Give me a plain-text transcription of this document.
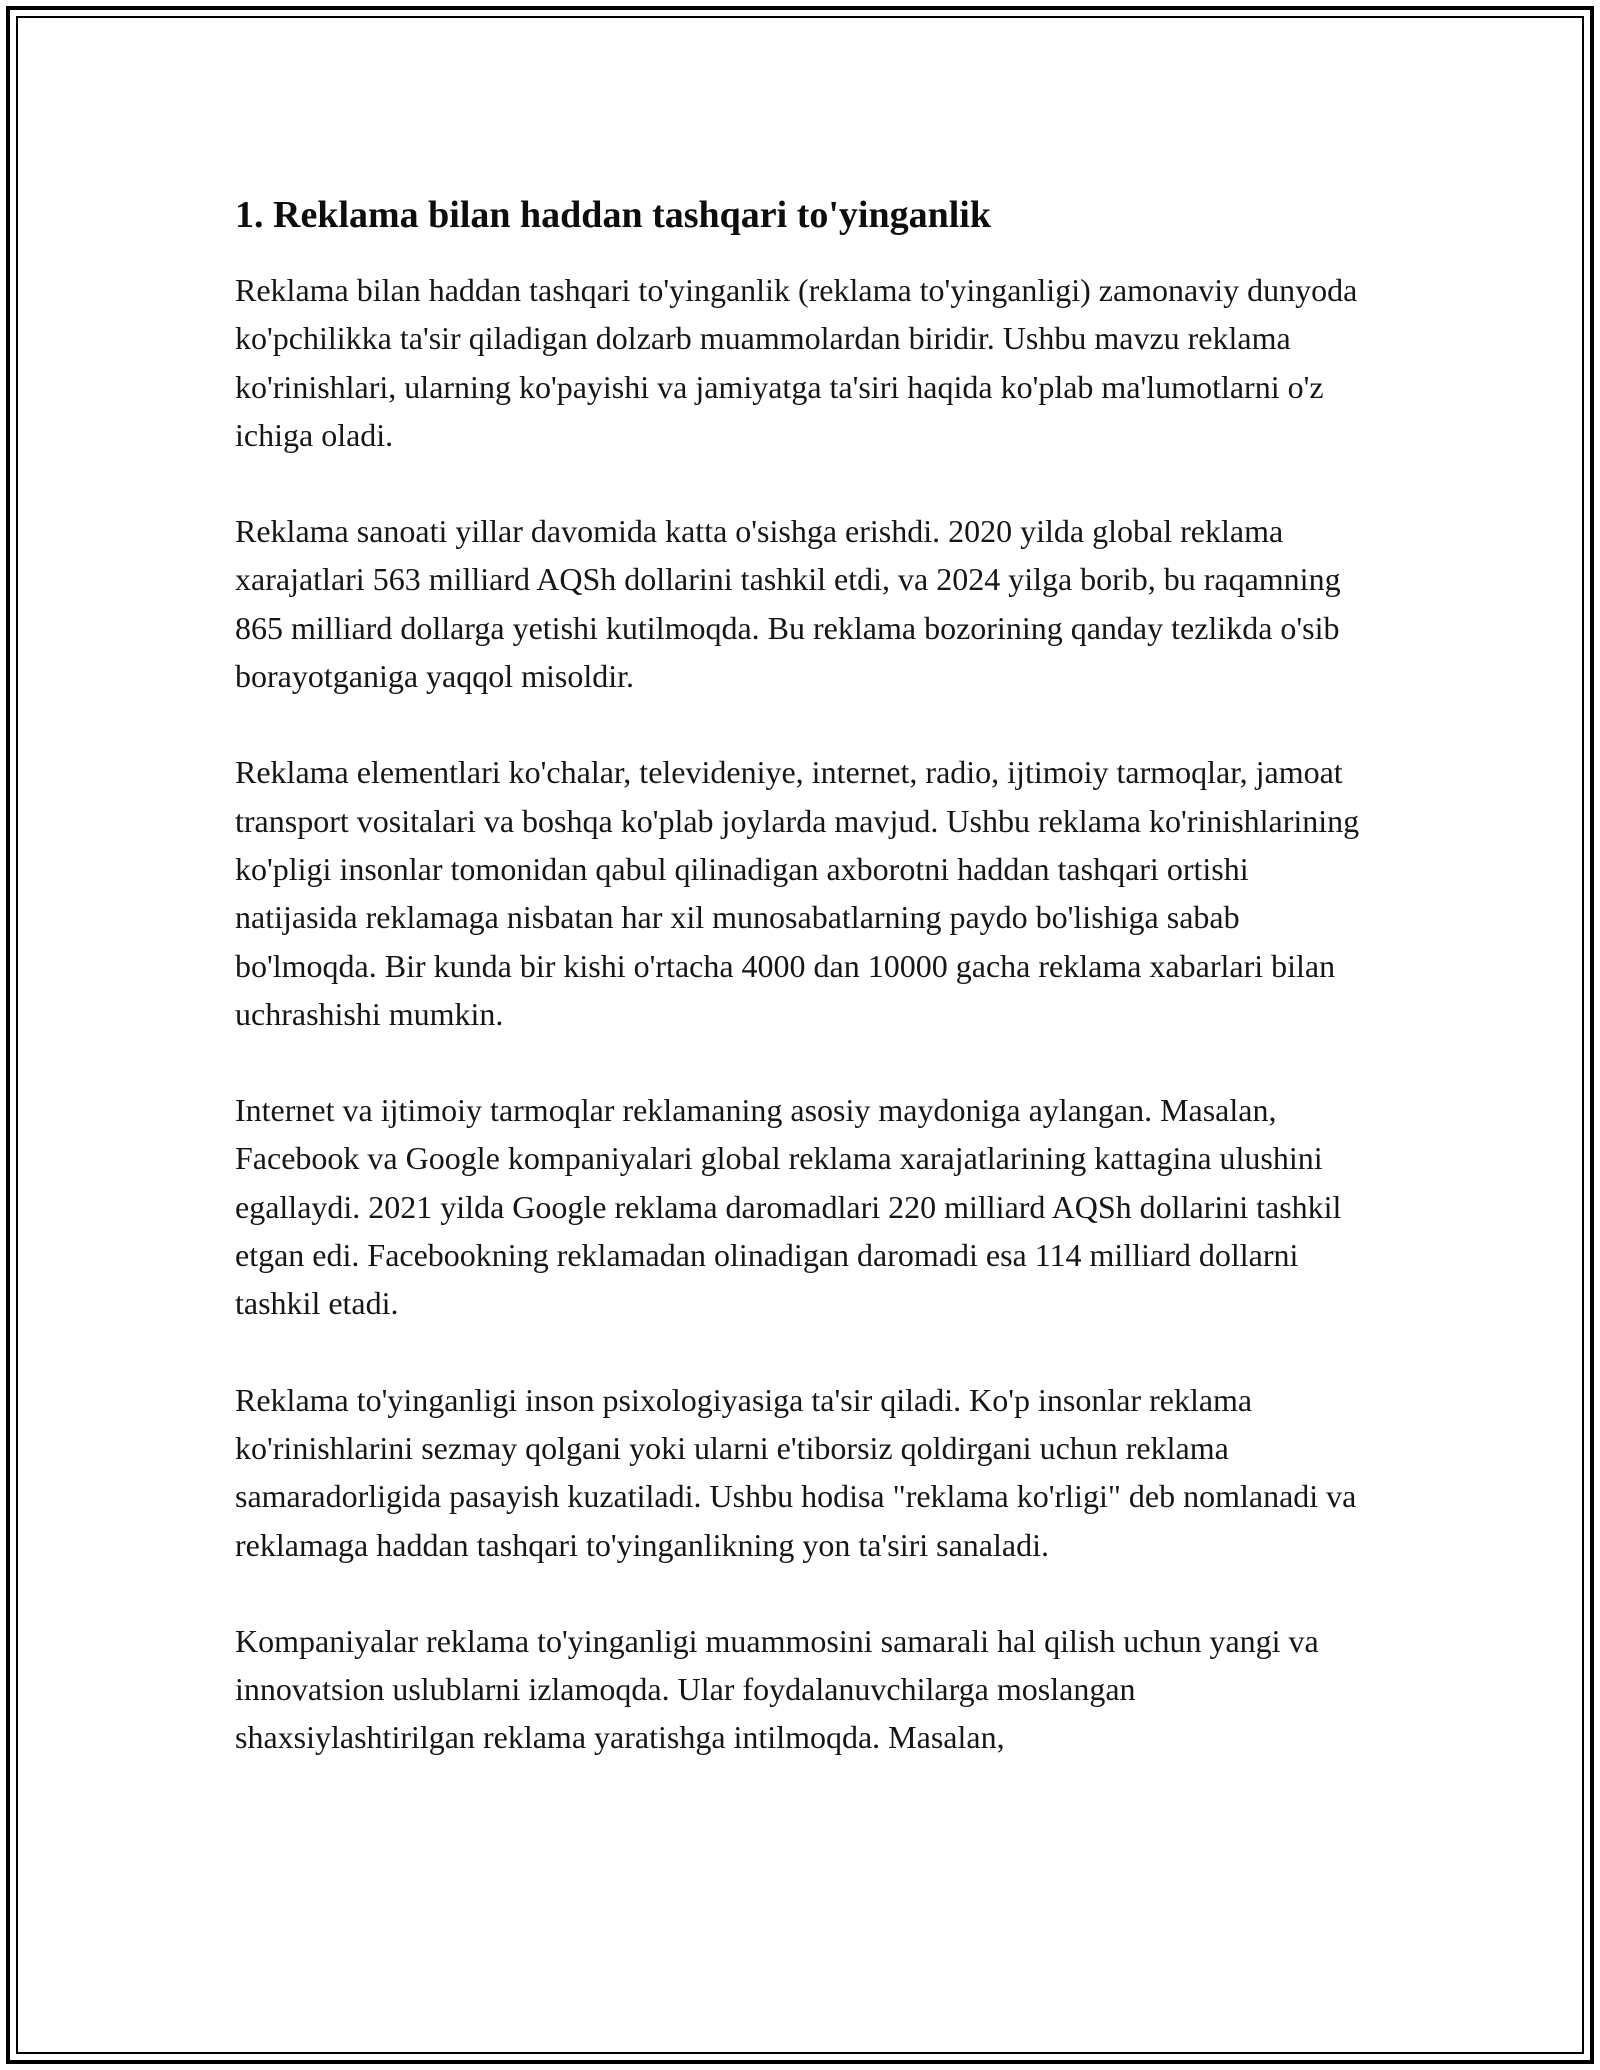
1. Reklama bilan haddan tashqari to'yinganlik

Reklama bilan haddan tashqari to'yinganlik (reklama to'yinganligi) zamonaviy dunyoda ko'pchilikka ta'sir qiladigan dolzarb muammolardan biridir. Ushbu mavzu reklama ko'rinishlari, ularning ko'payishi va jamiyatga ta'siri haqida ko'plab ma'lumotlarni o'z ichiga oladi.

Reklama sanoati yillar davomida katta o'sishga erishdi. 2020 yilda global reklama xarajatlari 563 milliard AQSh dollarini tashkil etdi, va 2024 yilga borib, bu raqamning 865 milliard dollarga yetishi kutilmoqda. Bu reklama bozorining qanday tezlikda o'sib borayotganiga yaqqol misoldir.

Reklama elementlari ko'chalar, televideniye, internet, radio, ijtimoiy tarmoqlar, jamoat transport vositalari va boshqa ko'plab joylarda mavjud. Ushbu reklama ko'rinishlarining ko'pligi insonlar tomonidan qabul qilinadigan axborotni haddan tashqari ortishi natijasida reklamaga nisbatan har xil munosabatlarning paydo bo'lishiga sabab bo'lmoqda. Bir kunda bir kishi o'rtacha 4000 dan 10000 gacha reklama xabarlari bilan uchrashishi mumkin.

Internet va ijtimoiy tarmoqlar reklamaning asosiy maydoniga aylangan. Masalan, Facebook va Google kompaniyalari global reklama xarajatlarining kattagina ulushini egallaydi. 2021 yilda Google reklama daromadlari 220 milliard AQSh dollarini tashkil etgan edi. Facebookning reklamadan olinadigan daromadi esa 114 milliard dollarni tashkil etadi.

Reklama to'yinganligi inson psixologiyasiga ta'sir qiladi. Ko'p insonlar reklama ko'rinishlarini sezmay qolgani yoki ularni e'tiborsiz qoldirgani uchun reklama samaradorligida pasayish kuzatiladi. Ushbu hodisa "reklama ko'rligi" deb nomlanadi va reklamaga haddan tashqari to'yinganlikning yon ta'siri sanaladi.

Kompaniyalar reklama to'yinganligi muammosini samarali hal qilish uchun yangi va innovatsion uslublarni izlamoqda. Ular foydalanuvchilarga moslangan shaxsiylashtirilgan reklama yaratishga intilmoqda. Masalan,
